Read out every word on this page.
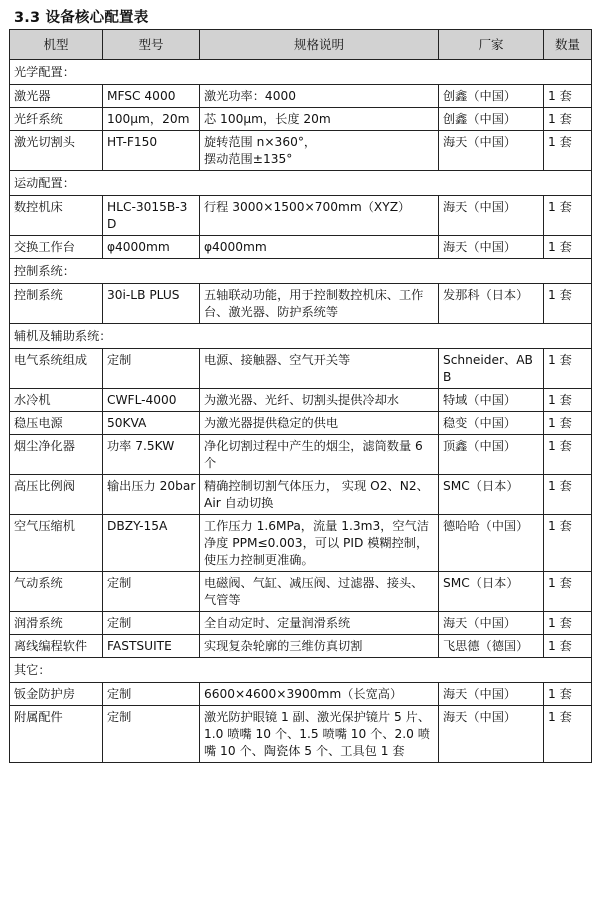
3.3 设备核心配置表
机型	型号	规格说明	厂家	数量
光学配置：				
激光器	MFSC 4000	激光功率：4000	创鑫（中国）	1 套
光纤系统	100μm，20m	芯 100μm，长度 20m	创鑫（中国）	1 套
激光切割头	HT-F150	旋转范围 n×360°，
摆动范围±135°	海天（中国）	1 套
运动配置：				
数控机床	HLC-3015B-3D	行程 3000×1500×700mm（XYZ）	海天（中国）	1 套
交换工作台	φ4000mm	φ4000mm	海天（中国）	1 套
控制系统：				
控制系统	30i-LB PLUS	五轴联动功能，用于控制数控机床、工作台、激光器、防护系统等	发那科（日本）	1 套
辅机及辅助系统：				
电气系统组成	定制	电源、接触器、空气开关等	Schneider、ABB	1 套
水冷机	CWFL-4000	为激光器、光纤、切割头提供冷却水	特域（中国）	1 套
稳压电源	50KVA	为激光器提供稳定的供电	稳变（中国）	1 套
烟尘净化器	功率 7.5KW	净化切割过程中产生的烟尘，滤筒数量 6 个	顶鑫（中国）	1 套
高压比例阀	输出压力 20bar	精确控制切割气体压力， 实现 O2、N2、Air 自动切换	SMC（日本）	1 套
空气压缩机	DBZY-15A	工作压力 1.6MPa，流量 1.3m3，空气洁净度 PPM≤0.003，可以 PID 模糊控制，使压力控制更准确。	德哈哈（中国）	1 套
气动系统	定制	电磁阀、气缸、减压阀、过滤器、接头、气管等	SMC（日本）	1 套
润滑系统	定制	全自动定时、定量润滑系统	海天（中国）	1 套
离线编程软件	FASTSUITE	实现复杂轮廓的三维仿真切割	飞思德（德国）	1 套
其它：				
钣金防护房	定制	6600×4600×3900mm（长宽高）	海天（中国）	1 套
附属配件	定制	激光防护眼镜 1 副、激光保护镜片 5 片、1.0 喷嘴 10 个、1.5 喷嘴 10 个、2.0 喷嘴 10 个、陶瓷体 5 个、工具包 1 套	海天（中国）	1 套
